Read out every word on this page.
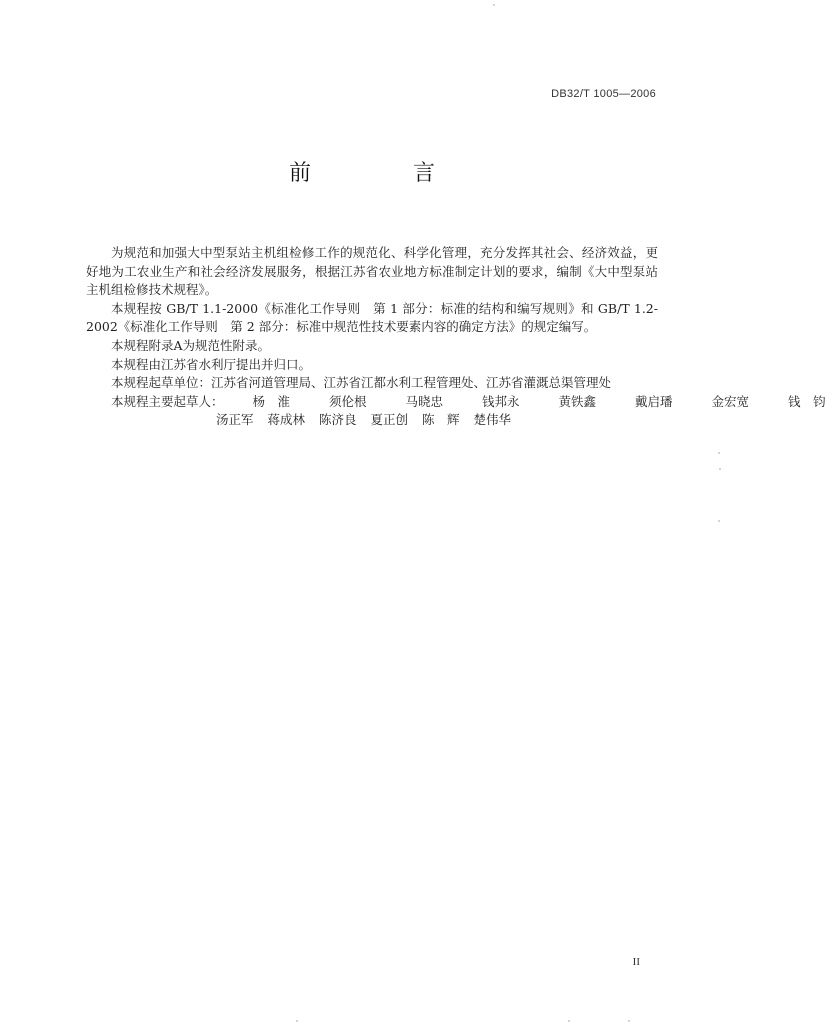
DB32/T 1005—2006
前　言

为规范和加强大中型泵站主机组检修工作的规范化、科学化管理，充分发挥其社会、经济效益，更好地为工农业生产和社会经济发展服务，根据江苏省农业地方标准制定计划的要求，编制《大中型泵站主机组检修技术规程》。

本规程按 GB/T 1.1-2000《标准化工作导则　第 1 部分：标准的结构和编写规则》和 GB/T 1.2-2002《标准化工作导则　第 2 部分：标准中规范性技术要素内容的确定方法》的规定编写。

本规程附录A为规范性附录。

本规程由江苏省水利厅提出并归口。

本规程起草单位：江苏省河道管理局、江苏省江都水利工程管理处、江苏省灌溉总渠管理处

本规程主要起草人： 杨　淮	须伦根	马晓忠	钱邦永	黄铁鑫	戴启璠	金宏宽	钱　钧

汤正军 蒋成林 陈济良 夏正创 陈　辉 楚伟华

II
